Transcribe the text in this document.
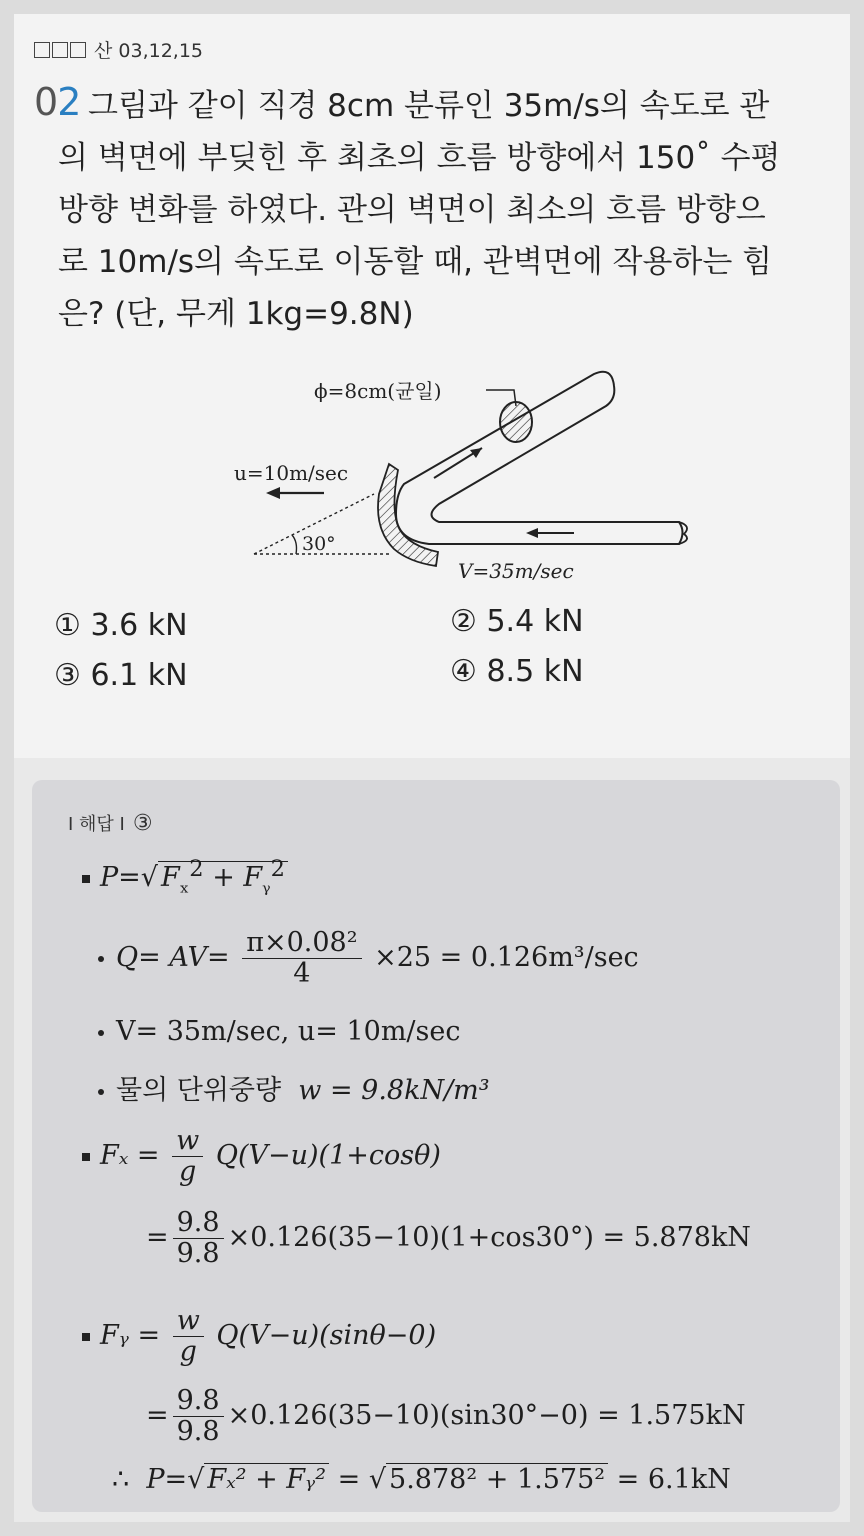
산 03,12,15
02 그림과 같이 직경 8cm 분류인 35m/s의 속도로 관
의 벽면에 부딪힌 후 최초의 흐름 방향에서 150˚ 수평
방향 변화를 하였다. 관의 벽면이 최소의 흐름 방향으
로 10m/s의 속도로 이동할 때, 관벽면에 작용하는 힘
은? (단, 무게 1kg=9.8N)
ϕ=8cm(균일)
u=10m/sec
30°
V=35m/sec
① 3.6 kN	② 5.4 kN
③ 6.1 kN	④ 8.5 kN
I 해답 I ③
P=√ $F_{_x}^2 + F_ᵧ^2$
$Q= AV= \frac{\text{π×0.08²}}{4} \times 25 = 0.126m^3/\sec$
V= 35m/sec, u= 10m/sec
물의 단위중량 w = 9.8kN/m³
$F_x = \frac{w}{g} Q(V-u)(1+\cos\theta)$
= $\frac{9.8}{9.8} \times 0.126(35-10)(1+\cos 30^\circ) = 5.878kN$
Fᵧ = $\frac{w}{g} Q(V-u)(\sin\theta-0)$
= $\frac{9.8}{9.8} \times 0.126(35-10)(\sin 30^\circ-0) = 1.575kN$
∴ P=√ Fₓ² + Fᵧ² = √ 5.878² + 1.575² = 6.1kN
